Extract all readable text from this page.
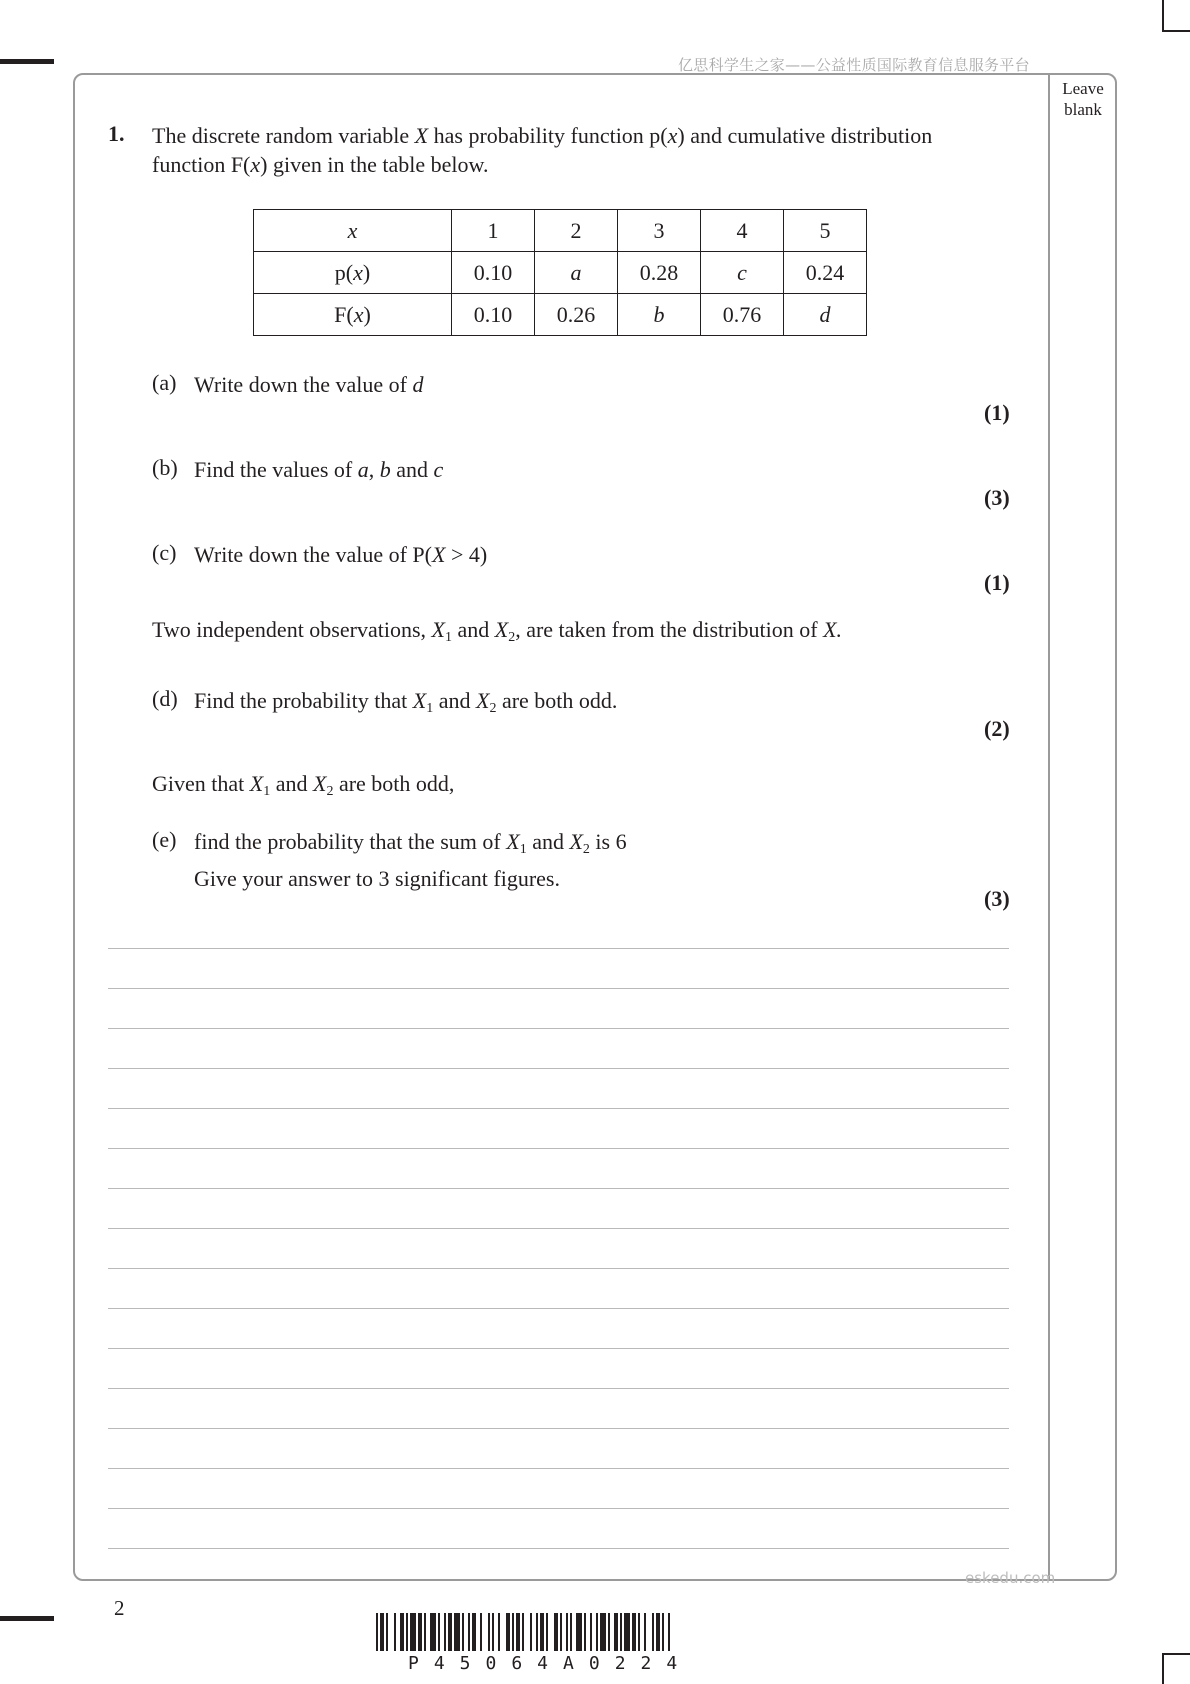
亿思科学生之家——公益性质国际教育信息服务平台
Leave
blank
1. The discrete random variable X has probability function p(x) and cumulative distribution
function F(x) given in the table below.
x	1	2	3	4	5
p(x)	0.10	a	0.28	c	0.24
F(x)	0.10	0.26	b	0.76	d
(a) Write down the value of d
(1)
(b) Find the values of a, b and c
(3)
(c) Write down the value of P(X > 4)
(1)
Two independent observations, $X_1$ and $X_2$, are taken from the distribution of X.
(d) Find the probability that $X_1$ and $X_2$ are both odd.
(2)
Given that $X_1$ and $X_2$ are both odd,
(e) find the probability that the sum of $X_1$ and $X_2$ is 6
Give your answer to 3 significant figures.
(3)
eskedu.com
2
P45064A0224
